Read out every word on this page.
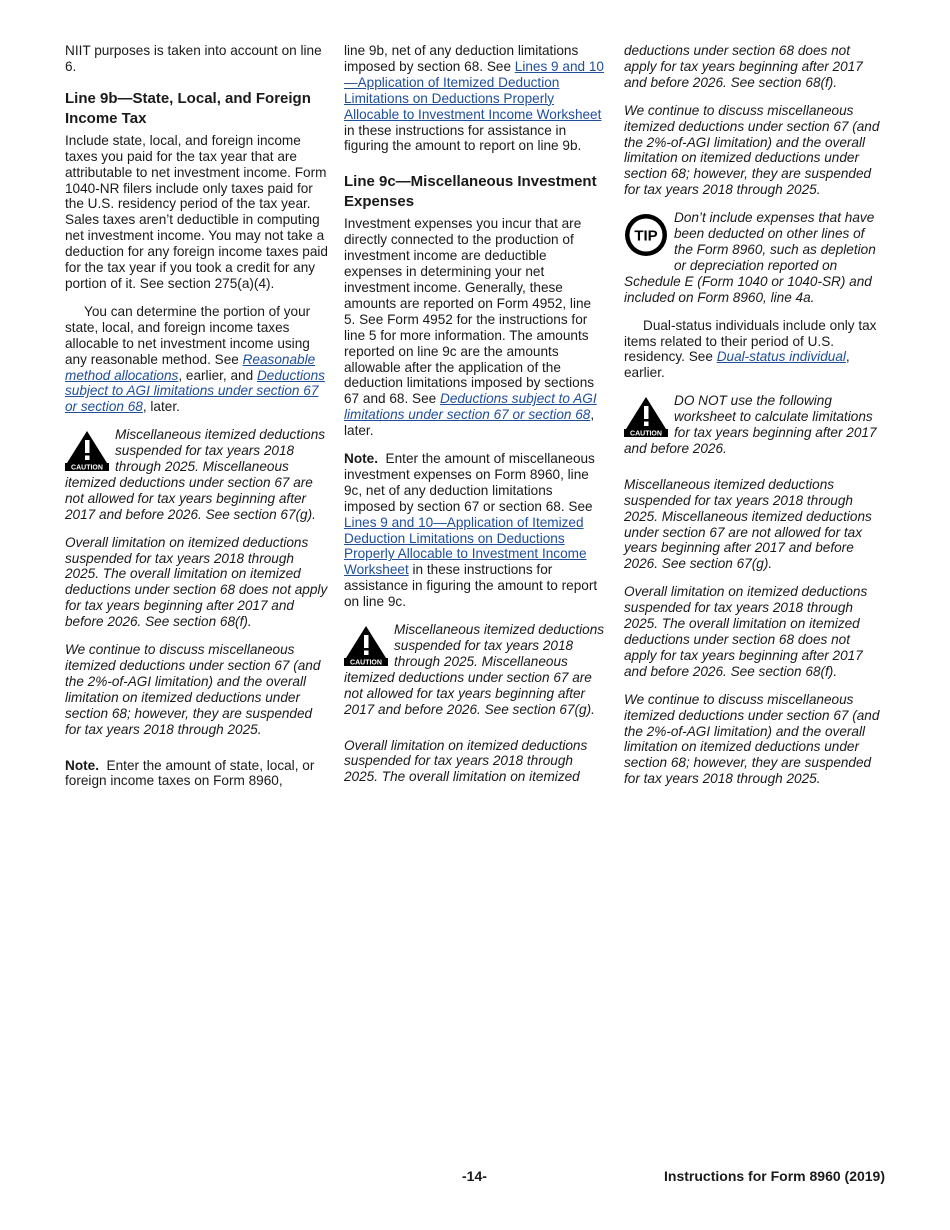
NIIT purposes is taken into account on line 6.

Line 9b—State, Local, and Foreign Income Tax

Include state, local, and foreign income taxes you paid for the tax year that are attributable to net investment income. Form 1040-NR filers include only taxes paid for the U.S. residency period of the tax year. Sales taxes aren’t deductible in computing net investment income. You may not take a deduction for any foreign income taxes paid for the tax year if you took a credit for any portion of it. See section 275(a)(4).

You can determine the portion of your state, local, and foreign income taxes allocable to net investment income using any reasonable method. See Reasonable method allocations, earlier, and Deductions subject to AGI limitations under section 67 or section 68, later.

CAUTION

Miscellaneous itemized deductions suspended for tax years 2018 through 2025. Miscellaneous itemized deductions under section 67 are not allowed for tax years beginning after 2017 and before 2026. See section 67(g).

Overall limitation on itemized deductions suspended for tax years 2018 through 2025. The overall limitation on itemized deductions under section 68 does not apply for tax years beginning after 2017 and before 2026. See section 68(f).

We continue to discuss miscellaneous itemized deductions under section 67 (and the 2%-of-AGI limitation) and the overall limitation on itemized deductions under section 68; however, they are suspended for tax years 2018 through 2025.

Note. Enter the amount of state, local, or foreign income taxes on Form 8960,

line 9b, net of any deduction limitations imposed by section 68. See Lines 9 and 10—Application of Itemized Deduction Limitations on Deductions Properly Allocable to Investment Income Worksheet in these instructions for assistance in figuring the amount to report on line 9b.

Line 9c—Miscellaneous Investment Expenses

Investment expenses you incur that are directly connected to the production of investment income are deductible expenses in determining your net investment income. Generally, these amounts are reported on Form 4952, line 5. See Form 4952 for the instructions for line 5 for more information. The amounts reported on line 9c are the amounts allowable after the application of the deduction limitations imposed by sections 67 and 68. See Deductions subject to AGI limitations under section 67 or section 68, later.

Note. Enter the amount of miscellaneous investment expenses on Form 8960, line 9c, net of any deduction limitations imposed by section 67 or section 68. See Lines 9 and 10—Application of Itemized Deduction Limitations on Deductions Properly Allocable to Investment Income Worksheet in these instructions for assistance in figuring the amount to report on line 9c.

CAUTION

Miscellaneous itemized deductions suspended for tax years 2018 through 2025. Miscellaneous itemized deductions under section 67 are not allowed for tax years beginning after 2017 and before 2026. See section 67(g).

Overall limitation on itemized deductions suspended for tax years 2018 through 2025. The overall limitation on itemized

deductions under section 68 does not apply for tax years beginning after 2017 and before 2026. See section 68(f).

We continue to discuss miscellaneous itemized deductions under section 67 (and the 2%-of-AGI limitation) and the overall limitation on itemized deductions under section 68; however, they are suspended for tax years 2018 through 2025.

TIP

Don’t include expenses that have been deducted on other lines of the Form 8960, such as depletion or depreciation reported on Schedule E (Form 1040 or 1040-SR) and included on Form 8960, line 4a.

Dual-status individuals include only tax items related to their period of U.S. residency. See Dual-status individual, earlier.

CAUTION

DO NOT use the following worksheet to calculate limitations for tax years beginning after 2017 and before 2026.

Miscellaneous itemized deductions suspended for tax years 2018 through 2025. Miscellaneous itemized deductions under section 67 are not allowed for tax years beginning after 2017 and before 2026. See section 67(g).

Overall limitation on itemized deductions suspended for tax years 2018 through 2025. The overall limitation on itemized deductions under section 68 does not apply for tax years beginning after 2017 and before 2026. See section 68(f).

We continue to discuss miscellaneous itemized deductions under section 67 (and the 2%-of-AGI limitation) and the overall limitation on itemized deductions under section 68; however, they are suspended for tax years 2018 through 2025.

-14-	Instructions for Form 8960 (2019)
